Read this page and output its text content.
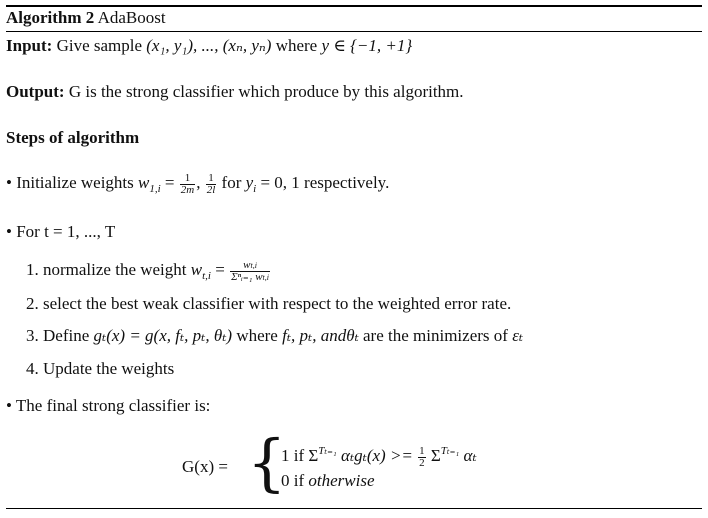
Algorithm 2 AdaBoost
Input: Give sample (x₁, y₁), ..., (xₙ, yₙ) where y ∈ {−1, +1}
Output: G is the strong classifier which produce by this algorithm.
Steps of algorithm
• Initialize weights $w_{1,i} = \frac{1}{2m}$ , $\frac{1}{2l}$ for $y_i = 0$, 1 respectively.
• For t = 1, ..., T
1. normalize the weight $w_{t,i} = \frac{wt,i}{\text{Σⁿᵢ₌₁ wt,i}}$
2. select the best weak classifier with respect to the weighted error rate.
3. Define gₜ(x) = g(x, fₜ, pₜ, θₜ) where fₜ, pₜ, andθₜ are the minimizers of εₜ
4. Update the weights
• The final strong classifier is:
G(x) = {
1 if $\Sigma^{T_{t=1}}$ $\alpha_tg_t(x) >= \frac{1}{2} \Sigma^{T_{t=1}}$ αₜ
0 if otherwise
